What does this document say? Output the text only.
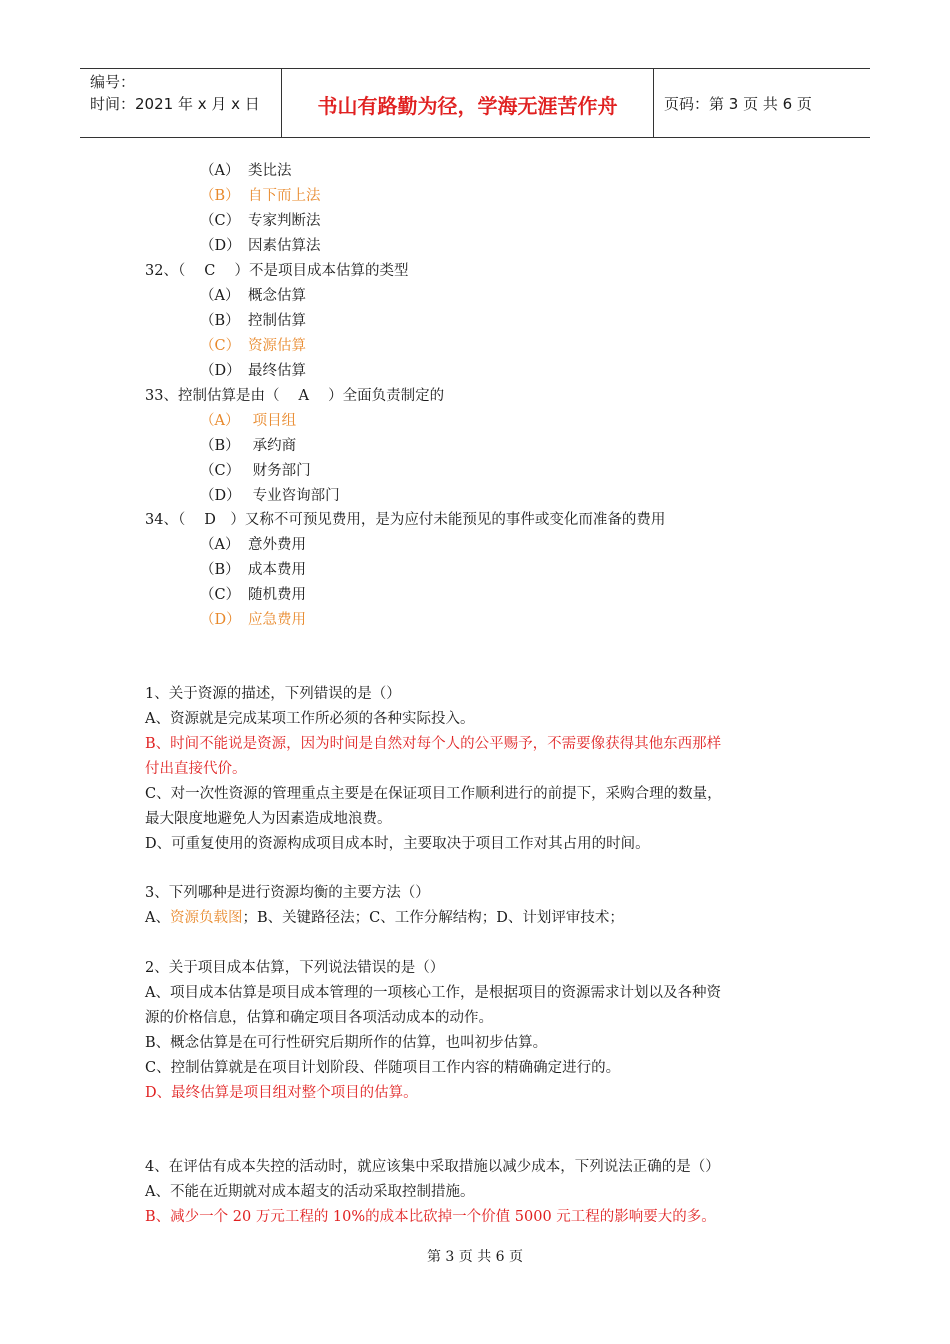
编号：
时间：2021 年 x 月 x 日	书山有路勤为径，学海无涯苦作舟	页码：第 3 页 共 6 页
（A） 类比法
（B） 自下而上法
（C） 专家判断法
（D） 因素估算法
32、（　 C　 ）不是项目成本估算的类型
（A） 概念估算
（B） 控制估算
（C） 资源估算
（D） 最终估算
33、控制估算是由（　 A　 ）全面负责制定的
（A） 项目组
（B） 承约商
（C） 财务部门
（D） 专业咨询部门
34、（　 D　）又称不可预见费用，是为应付未能预见的事件或变化而准备的费用
（A） 意外费用
（B） 成本费用
（C） 随机费用
（D） 应急费用
1、关于资源的描述，下列错误的是（）
A、资源就是完成某项工作所必须的各种实际投入。
B、时间不能说是资源，因为时间是自然对每个人的公平赐予，不需要像获得其他东西那样
付出直接代价。
C、对一次性资源的管理重点主要是在保证项目工作顺利进行的前提下，采购合理的数量，
最大限度地避免人为因素造成地浪费。
D、可重复使用的资源构成项目成本时，主要取决于项目工作对其占用的时间。
3、下列哪种是进行资源均衡的主要方法（）
A、资源负载图；B、关键路径法；C、工作分解结构；D、计划评审技术；
2、关于项目成本估算，下列说法错误的是（）
A、项目成本估算是项目成本管理的一项核心工作，是根据项目的资源需求计划以及各种资
源的价格信息，估算和确定项目各项活动成本的动作。
B、概念估算是在可行性研究后期所作的估算，也叫初步估算。
C、控制估算就是在项目计划阶段、伴随项目工作内容的精确确定进行的。
D、最终估算是项目组对整个项目的估算。
4、在评估有成本失控的活动时，就应该集中采取措施以减少成本，下列说法正确的是（）
A、不能在近期就对成本超支的活动采取控制措施。
B、减少一个 20 万元工程的 10%的成本比砍掉一个价值 5000 元工程的影响要大的多。
第 3 页 共 6 页
